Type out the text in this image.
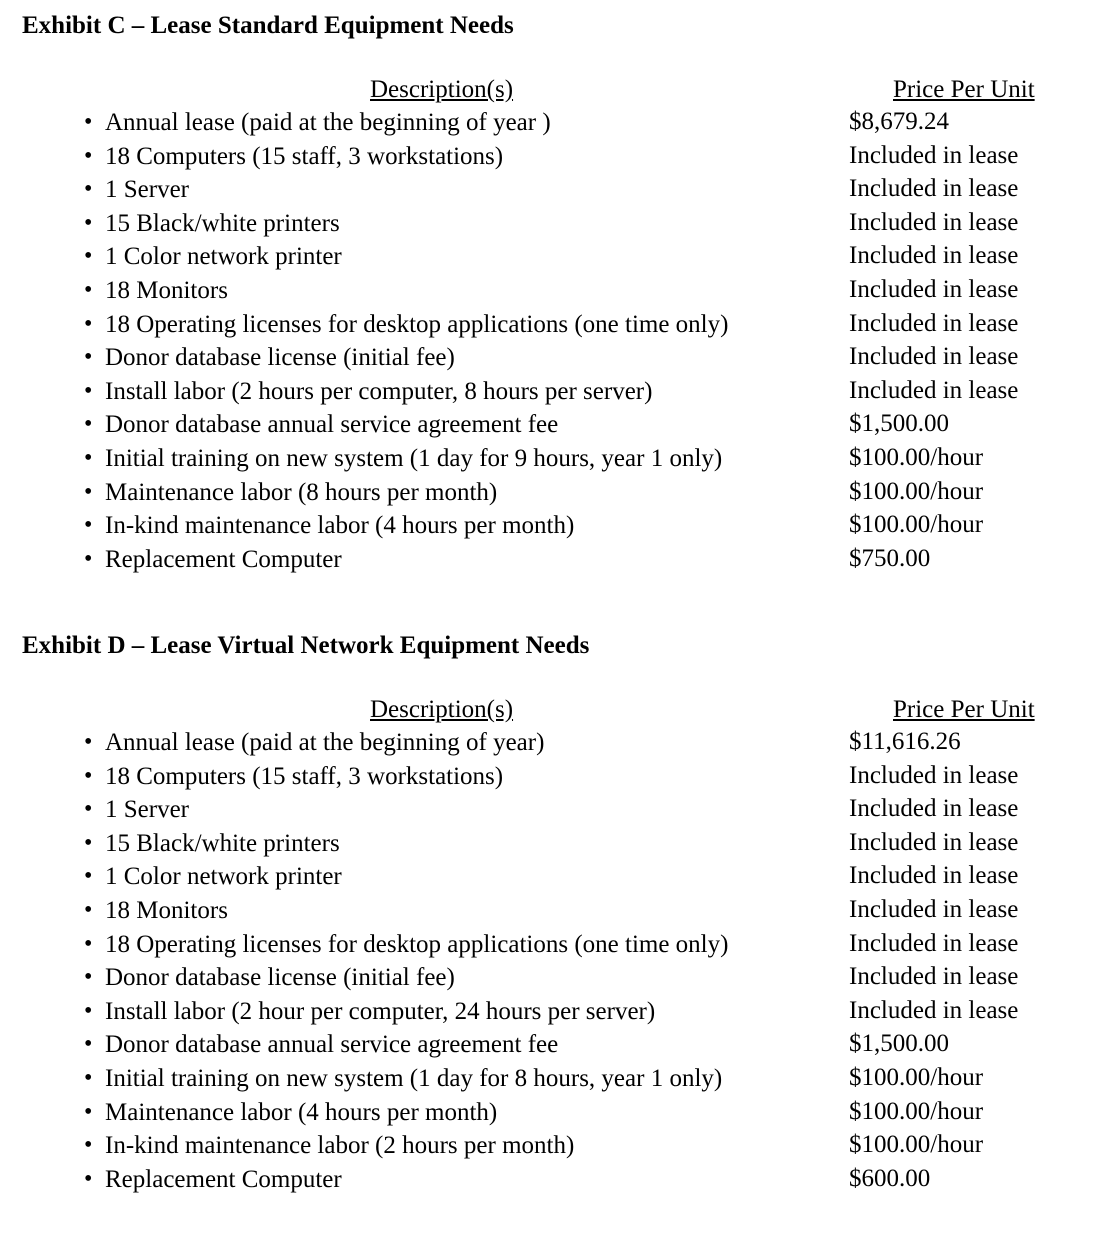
Exhibit C – Lease Standard Equipment Needs
Description(s)	Price Per Unit
• Annual lease (paid at the beginning of year )	$8,679.24
• 18 Computers (15 staff, 3 workstations)	Included in lease
• 1 Server	Included in lease
• 15 Black/white printers	Included in lease
• 1 Color network printer	Included in lease
• 18 Monitors	Included in lease
• 18 Operating licenses for desktop applications (one time only)	Included in lease
• Donor database license (initial fee)	Included in lease
• Install labor (2 hours per computer, 8 hours per server)	Included in lease
• Donor database annual service agreement fee	$1,500.00
• Initial training on new system (1 day for 9 hours, year 1 only)	$100.00/hour
• Maintenance labor (8 hours per month)	$100.00/hour
• In-kind maintenance labor (4 hours per month)	$100.00/hour
• Replacement Computer	$750.00
Exhibit D – Lease Virtual Network Equipment Needs
Description(s)	Price Per Unit
• Annual lease (paid at the beginning of year)	$11,616.26
• 18 Computers (15 staff, 3 workstations)	Included in lease
• 1 Server	Included in lease
• 15 Black/white printers	Included in lease
• 1 Color network printer	Included in lease
• 18 Monitors	Included in lease
• 18 Operating licenses for desktop applications (one time only)	Included in lease
• Donor database license (initial fee)	Included in lease
• Install labor (2 hour per computer, 24 hours per server)	Included in lease
• Donor database annual service agreement fee	$1,500.00
• Initial training on new system (1 day for 8 hours, year 1 only)	$100.00/hour
• Maintenance labor (4 hours per month)	$100.00/hour
• In-kind maintenance labor (2 hours per month)	$100.00/hour
• Replacement Computer	$600.00
